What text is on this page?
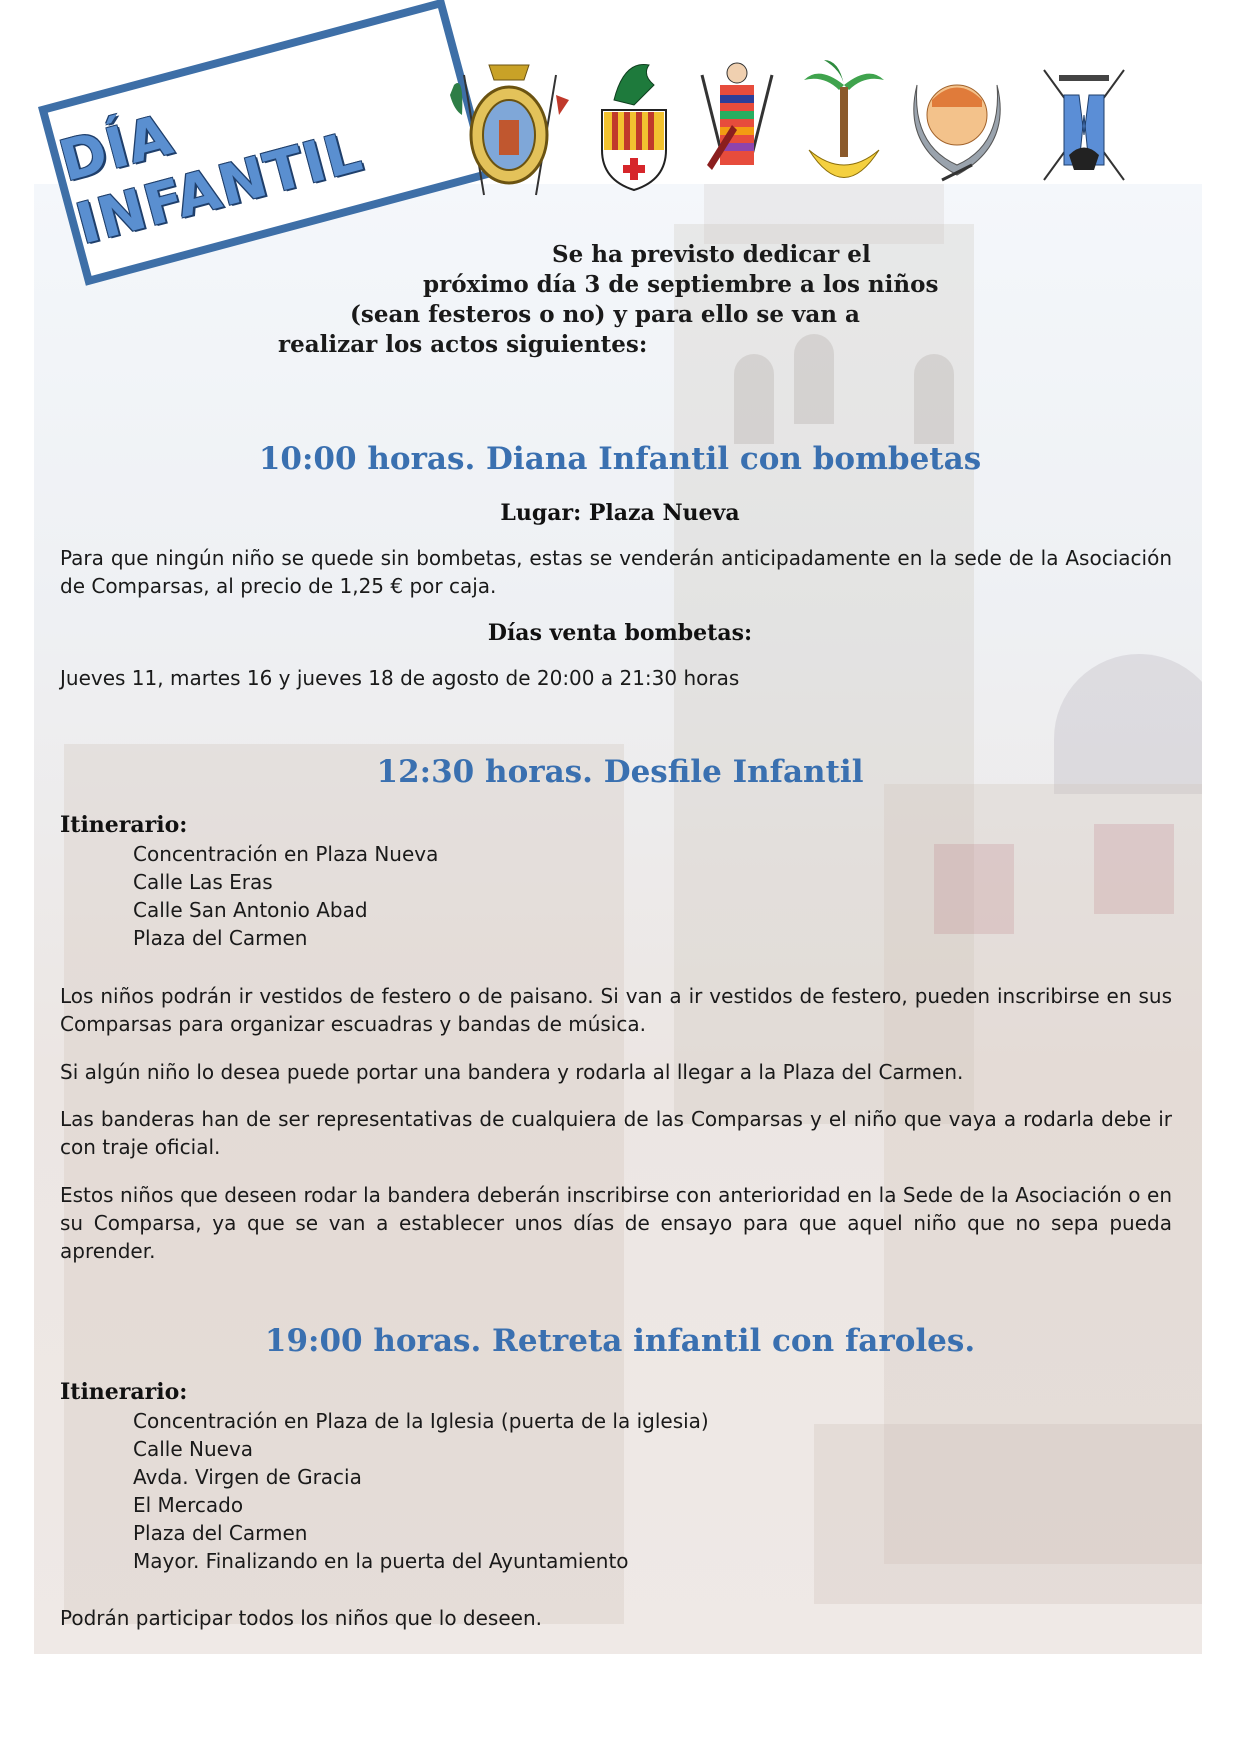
DÍA INFANTIL	Se ha previsto dedicar el
próximo día 3 de septiembre a los niños
(sean festeros o no) y para ello se van a
realizar los actos siguientes:
10:00 horas. Diana Infantil con bombetas
Lugar: Plaza Nueva
Para que ningún niño se quede sin bombetas, estas se venderán anticipadamente en la sede de la Asociación de Comparsas, al precio de 1,25 € por caja.
Días venta bombetas:
Jueves 11, martes 16 y jueves 18 de agosto de 20:00 a 21:30 horas
12:30 horas. Desfile Infantil
Itinerario:
Concentración en Plaza Nueva
Calle Las Eras
Calle San Antonio Abad
Plaza del Carmen
Los niños podrán ir vestidos de festero o de paisano. Si van a ir vestidos de festero, pueden inscribirse en sus Comparsas para organizar escuadras y bandas de música.
Si algún niño lo desea puede portar una bandera y rodarla al llegar a la Plaza del Carmen.
Las banderas han de ser representativas de cualquiera de las Comparsas y el niño que vaya a rodarla debe ir con traje oficial.
Estos niños que deseen rodar la bandera deberán inscribirse con anterioridad en la Sede de la Asociación o en su Comparsa, ya que se van a establecer unos días de ensayo para que aquel niño que no sepa pueda aprender.
19:00 horas. Retreta infantil con faroles.
Itinerario:
Concentración en Plaza de la Iglesia (puerta de la iglesia)
Calle Nueva
Avda. Virgen de Gracia
El Mercado
Plaza del Carmen
Mayor. Finalizando en la puerta del Ayuntamiento
Podrán participar todos los niños que lo deseen.
